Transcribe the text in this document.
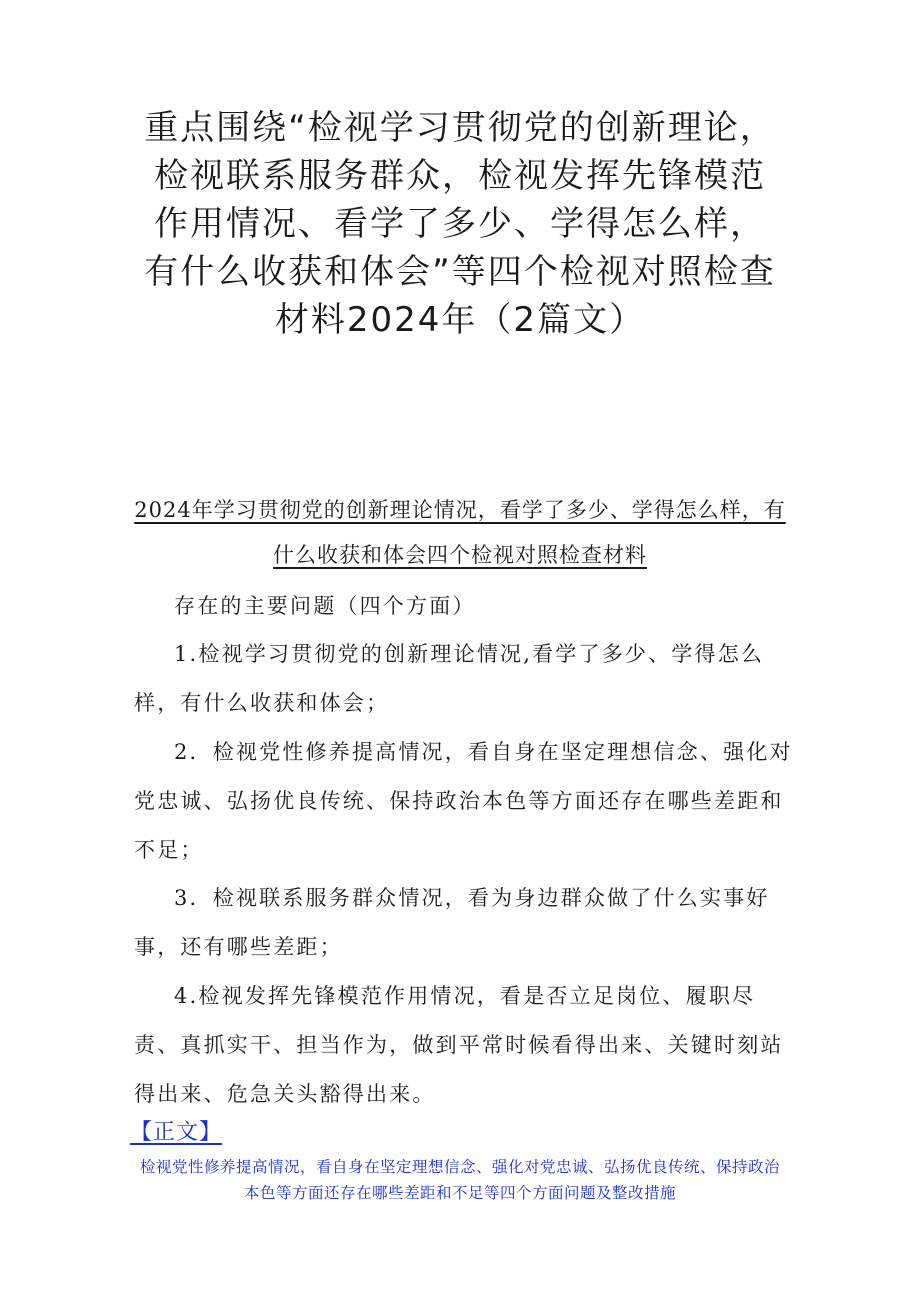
重点围绕“检视学习贯彻党的创新理论，检视联系服务群众，检视发挥先锋模范作用情况、看学了多少、学得怎么样，有什么收获和体会”等四个检视对照检查材料2024年（2篇文）
2024年学习贯彻党的创新理论情况，看学了多少、学得怎么样，有什么收获和体会四个检视对照检查材料

存在的主要问题（四个方面）

1.检视学习贯彻党的创新理论情况,看学了多少、学得怎么样，有什么收获和体会；

2．检视党性修养提高情况，看自身在坚定理想信念、强化对党忠诚、弘扬优良传统、保持政治本色等方面还存在哪些差距和不足；

3．检视联系服务群众情况，看为身边群众做了什么实事好事，还有哪些差距；

4.检视发挥先锋模范作用情况，看是否立足岗位、履职尽责、真抓实干、担当作为，做到平常时候看得出来、关键时刻站得出来、危急关头豁得出来。

【正文】
检视党性修养提高情况，看自身在坚定理想信念、强化对党忠诚、弘扬优良传统、保持政治本色等方面还存在哪些差距和不足等四个方面问题及整改措施
